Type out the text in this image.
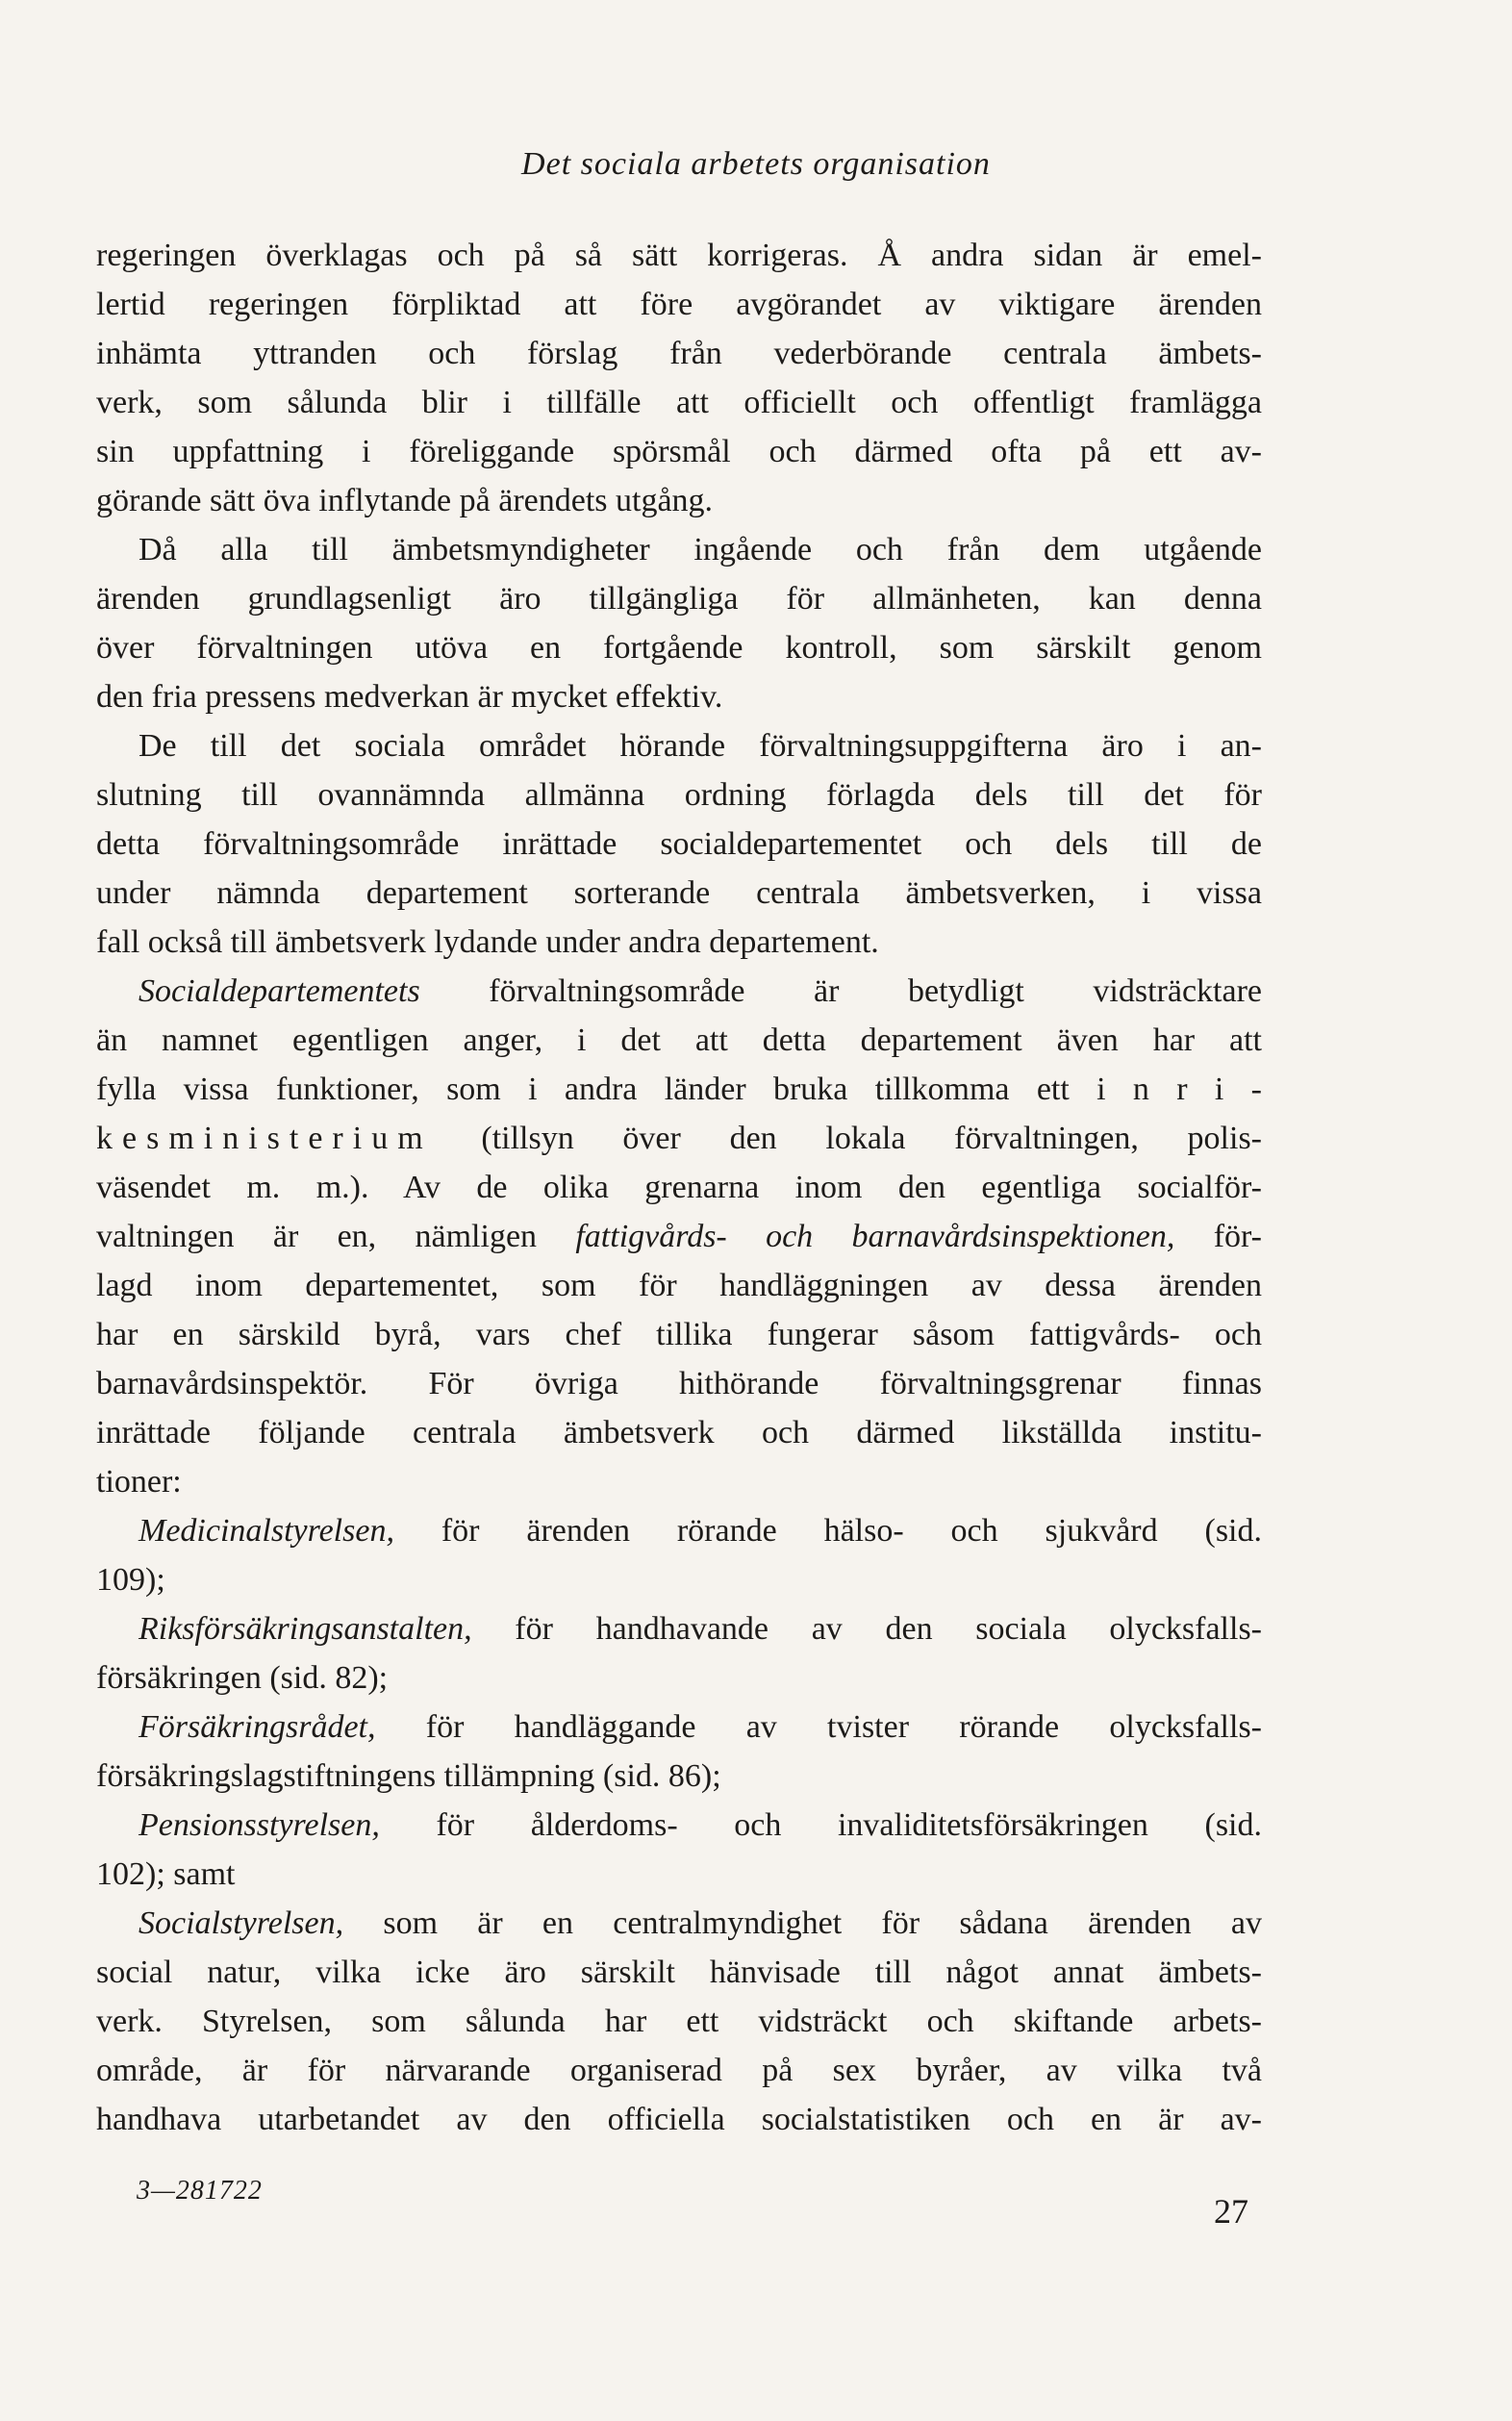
Det sociala arbetets organisation
regeringen överklagas och på så sätt korrigeras. Å andra sidan är emel-
lertid regeringen förpliktad att före avgörandet av viktigare ärenden
inhämta yttranden och förslag från vederbörande centrala ämbets-
verk, som sålunda blir i tillfälle att officiellt och offentligt framlägga
sin uppfattning i föreliggande spörsmål och därmed ofta på ett av-
görande sätt öva inflytande på ärendets utgång.
Då alla till ämbetsmyndigheter ingående och från dem utgående
ärenden grundlagsenligt äro tillgängliga för allmänheten, kan denna
över förvaltningen utöva en fortgående kontroll, som särskilt genom
den fria pressens medverkan är mycket effektiv.
De till det sociala området hörande förvaltningsuppgifterna äro i an-
slutning till ovannämnda allmänna ordning förlagda dels till det för
detta förvaltningsområde inrättade socialdepartementet och dels till de
under nämnda departement sorterande centrala ämbetsverken, i vissa
fall också till ämbetsverk lydande under andra departement.
Socialdepartementets förvaltningsområde är betydligt vidsträcktare
än namnet egentligen anger, i det att detta departement även har att
fylla vissa funktioner, som i andra länder bruka tillkomma ett i n r i -
kesministerium (tillsyn över den lokala förvaltningen, polis-
väsendet m. m.). Av de olika grenarna inom den egentliga socialför-
valtningen är en, nämligen fattigvårds- och barnavårdsinspektionen, för-
lagd inom departementet, som för handläggningen av dessa ärenden
har en särskild byrå, vars chef tillika fungerar såsom fattigvårds- och
barnavårdsinspektör. För övriga hithörande förvaltningsgrenar finnas
inrättade följande centrala ämbetsverk och därmed likställda institu-
tioner:
Medicinalstyrelsen, för ärenden rörande hälso- och sjukvård (sid.
109);
Riksförsäkringsanstalten, för handhavande av den sociala olycksfalls-
försäkringen (sid. 82);
Försäkringsrådet, för handläggande av tvister rörande olycksfalls-
försäkringslagstiftningens tillämpning (sid. 86);
Pensionsstyrelsen, för ålderdoms- och invaliditetsförsäkringen (sid.
102); samt
Socialstyrelsen, som är en centralmyndighet för sådana ärenden av
social natur, vilka icke äro särskilt hänvisade till något annat ämbets-
verk. Styrelsen, som sålunda har ett vidsträckt och skiftande arbets-
område, är för närvarande organiserad på sex byråer, av vilka två
handhava utarbetandet av den officiella socialstatistiken och en är av-
3—281722
27
